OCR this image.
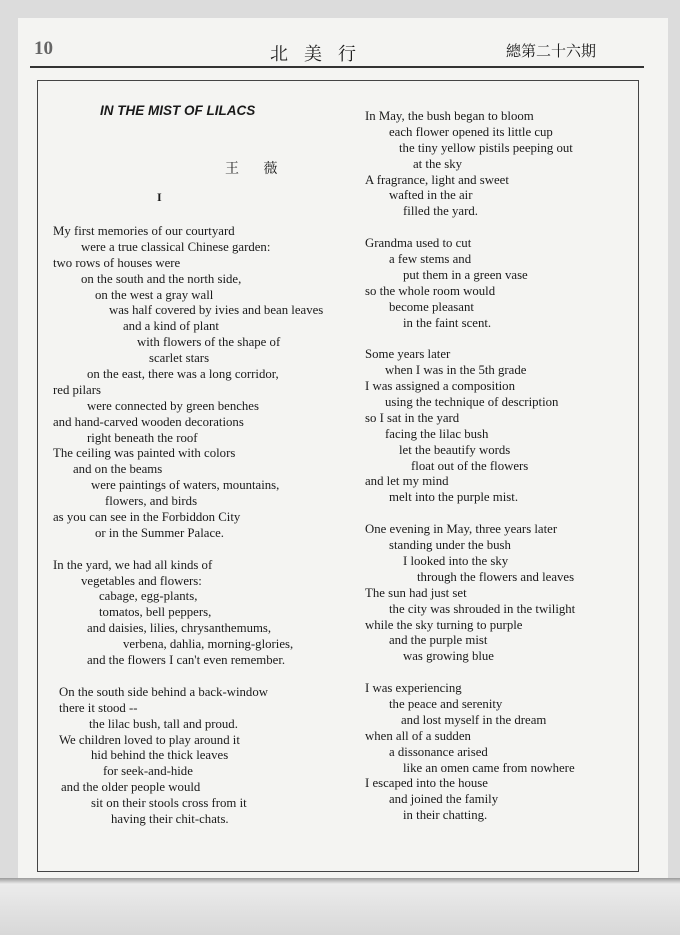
10	北美行	總第二十六期
IN THE MIST OF LILACS
王 薇
I
My first memories of our courtyard
were a true classical Chinese garden:
two rows of houses were
on the south and the north side,
on the west a gray wall
was half covered by ivies and bean leaves
and a kind of plant
with flowers of the shape of
scarlet stars
on the east, there was a long corridor,
red pilars
were connected by green benches
and hand-carved wooden decorations
right beneath the roof
The ceiling was painted with colors
and on the beams
were paintings of waters, mountains,
flowers, and birds
as you can see in the Forbiddon City
or in the Summer Palace.
In the yard, we had all kinds of
vegetables and flowers:
cabage, egg-plants,
tomatos, bell peppers,
and daisies, lilies, chrysanthemums,
verbena, dahlia, morning-glories,
and the flowers I can't even remember.
On the south side behind a back-window
there it stood --
the lilac bush, tall and proud.
We children loved to play around it
hid behind the thick leaves
for seek-and-hide
and the older people would
sit on their stools cross from it
having their chit-chats.
In May, the bush began to bloom
each flower opened its little cup
the tiny yellow pistils peeping out
at the sky
A fragrance, light and sweet
wafted in the air
filled the yard.
Grandma used to cut
a few stems and
put them in a green vase
so the whole room would
become pleasant
in the faint scent.
Some years later
when I was in the 5th grade
I was assigned a composition
using the technique of description
so I sat in the yard
facing the lilac bush
let the beautify words
float out of the flowers
and let my mind
melt into the purple mist.
One evening in May, three years later
standing under the bush
I looked into the sky
through the flowers and leaves
The sun had just set
the city was shrouded in the twilight
while the sky turning to purple
and the purple mist
was growing blue
I was experiencing
the peace and serenity
and lost myself in the dream
when all of a sudden
a dissonance arised
like an omen came from nowhere
I escaped into the house
and joined the family
in their chatting.
